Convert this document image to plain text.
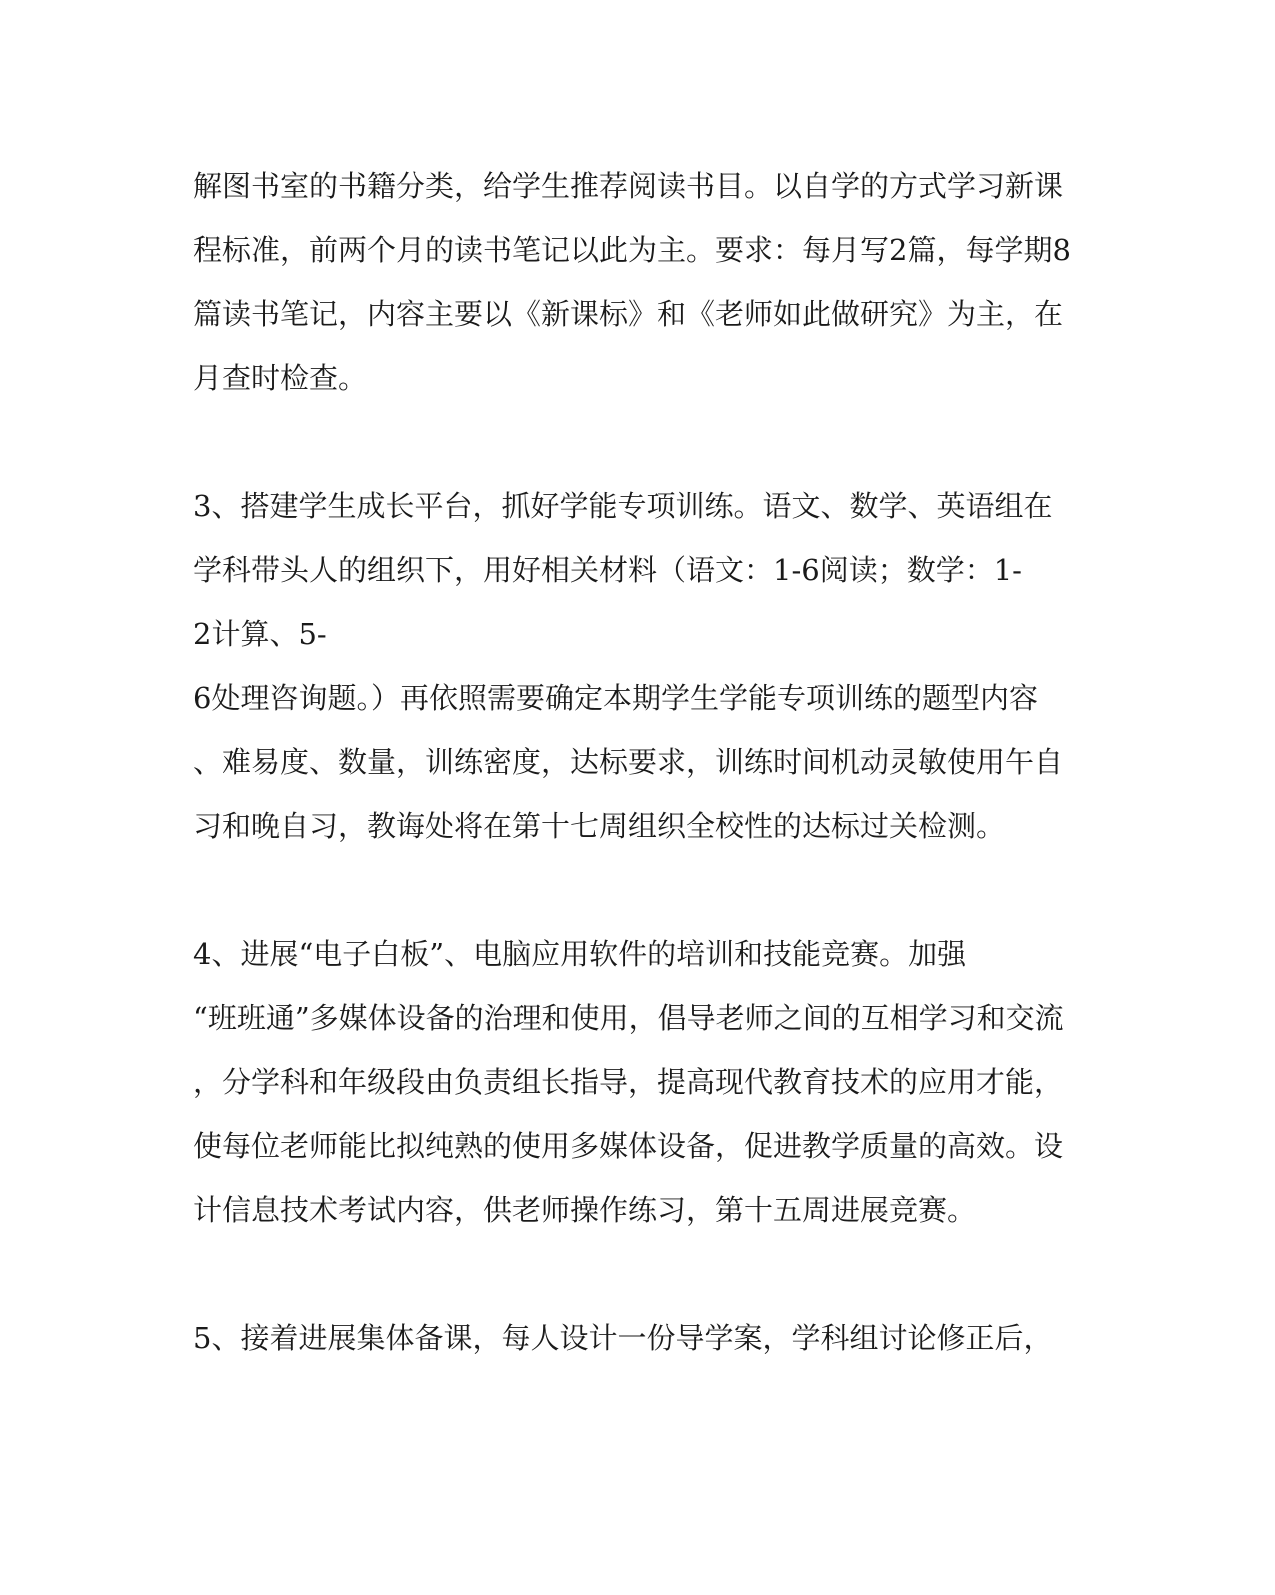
解图书室的书籍分类，给学生推荐阅读书目。以自学的方式学习新课
程标准，前两个月的读书笔记以此为主。要求：每月写2篇，每学期8
篇读书笔记，内容主要以《新课标》和《老师如此做研究》为主，在
月查时检查。
3、搭建学生成长平台，抓好学能专项训练。语文、数学、英语组在
学科带头人的组织下，用好相关材料（语文：1-6阅读；数学：1-
2计算、5-
6处理咨询题。）再依照需要确定本期学生学能专项训练的题型内容
、难易度、数量，训练密度，达标要求，训练时间机动灵敏使用午自
习和晚自习，教诲处将在第十七周组织全校性的达标过关检测。
4、进展“电子白板”、电脑应用软件的培训和技能竞赛。加强
“班班通”多媒体设备的治理和使用，倡导老师之间的互相学习和交流
，分学科和年级段由负责组长指导，提高现代教育技术的应用才能，
使每位老师能比拟纯熟的使用多媒体设备，促进教学质量的高效。设
计信息技术考试内容，供老师操作练习，第十五周进展竞赛。
5、接着进展集体备课，每人设计一份导学案，学科组讨论修正后，
